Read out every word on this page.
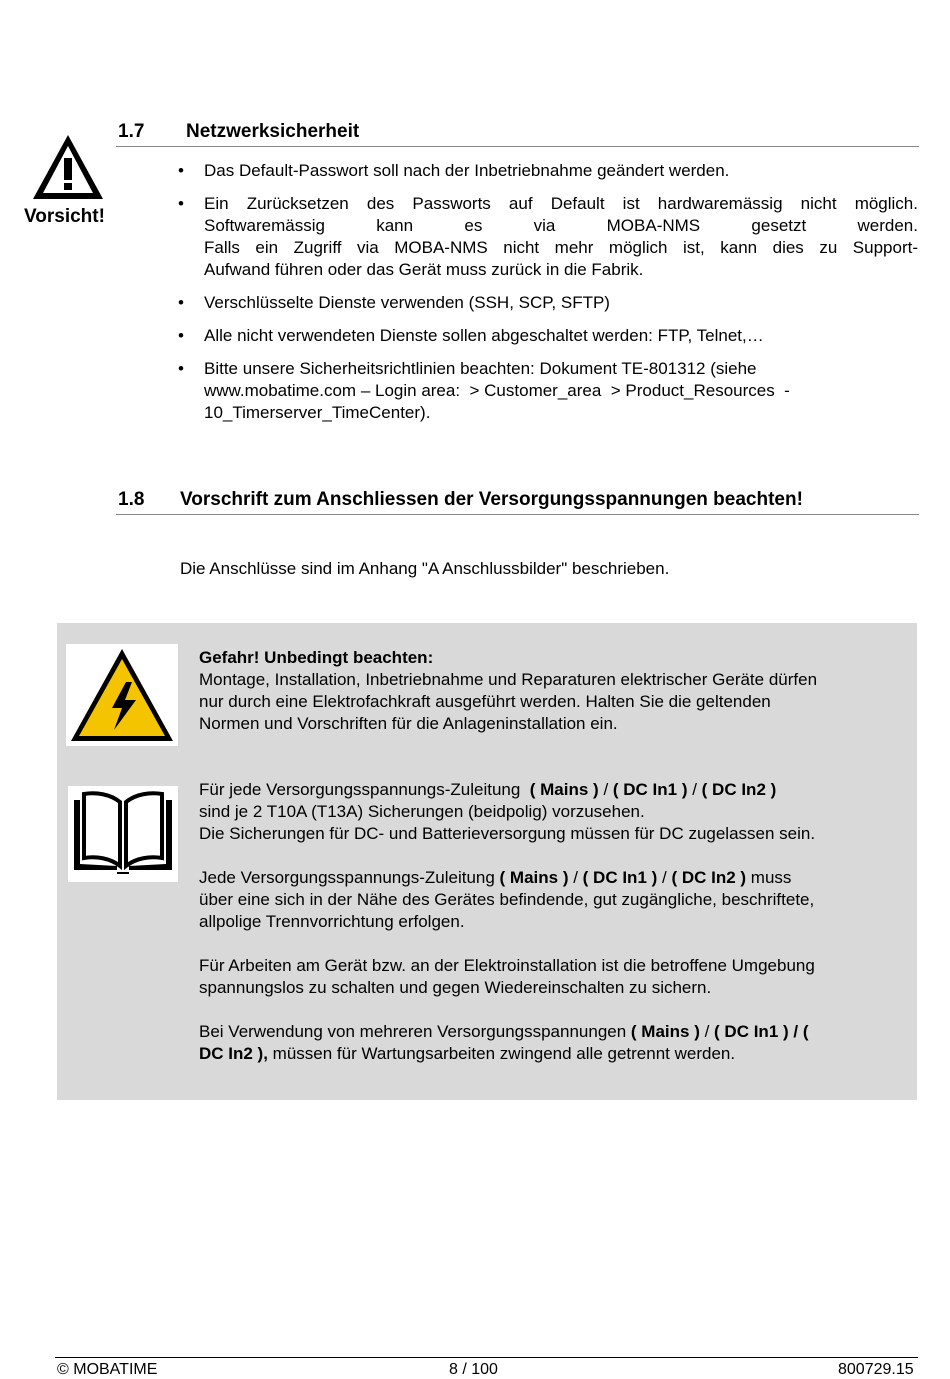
Vorsicht!
1.7 Netzwerksicherheit
• Das Default-Passwort soll nach der Inbetriebnahme geändert werden.
• Ein Zurücksetzen des Passworts auf Default ist hardwaremässig nicht möglich.
Softwaremässig kann es via MOBA-NMS gesetzt werden.
Falls ein Zugriff via MOBA-NMS nicht mehr möglich ist, kann dies zu Support-
Aufwand führen oder das Gerät muss zurück in die Fabrik.
• Verschlüsselte Dienste verwenden (SSH, SCP, SFTP)
• Alle nicht verwendeten Dienste sollen abgeschaltet werden: FTP, Telnet,…
• Bitte unsere Sicherheitsrichtlinien beachten: Dokument TE-801312 (siehe
www.mobatime.com – Login area:  > Customer_area  > Product_Resources  -
10_Timerserver_TimeCenter).
1.8 Vorschrift zum Anschliessen der Versorgungsspannungen beachten!
Die Anschlüsse sind im Anhang "A Anschlussbilder" beschrieben.
Gefahr! Unbedingt beachten:
Montage, Installation, Inbetriebnahme und Reparaturen elektrischer Geräte dürfen
nur durch eine Elektrofachkraft ausgeführt werden. Halten Sie die geltenden
Normen und Vorschriften für die Anlageninstallation ein.
Für jede Versorgungsspannungs-Zuleitung  ( Mains ) / ( DC In1 ) / ( DC In2 )
sind je 2 T10A (T13A) Sicherungen (beidpolig) vorzusehen.
Die Sicherungen für DC- und Batterieversorgung müssen für DC zugelassen sein.
Jede Versorgungsspannungs-Zuleitung ( Mains ) / ( DC In1 ) / ( DC In2 ) muss
über eine sich in der Nähe des Gerätes befindende, gut zugängliche, beschriftete,
allpolige Trennvorrichtung erfolgen.
Für Arbeiten am Gerät bzw. an der Elektroinstallation ist die betroffene Umgebung
spannungslos zu schalten und gegen Wiedereinschalten zu sichern.
Bei Verwendung von mehreren Versorgungsspannungen ( Mains ) / ( DC In1 ) / (
DC In2 ), müssen für Wartungsarbeiten zwingend alle getrennt werden.
© MOBATIME	8 / 100	800729.15
